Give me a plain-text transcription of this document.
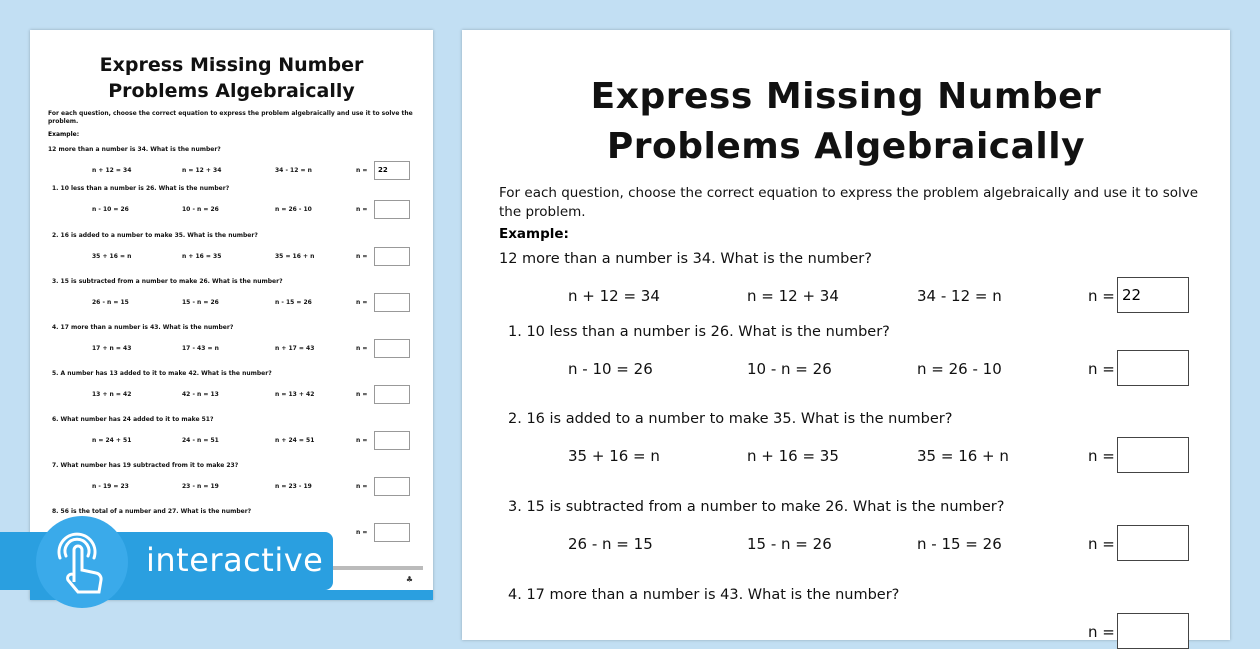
Express Missing Number
Problems Algebraically
For each question, choose the correct equation to express the problem algebraically and use it to solve the problem.
Example:
♣
12 more than a number is 34. What is the number?
n + 12 = 34	n = 12 + 34	34 - 12 = n	n =	22
1. 10 less than a number is 26. What is the number?
n - 10 = 26	10 - n = 26	n = 26 - 10	n =
2. 16 is added to a number to make 35. What is the number?
35 + 16 = n	n + 16 = 35	35 = 16 + n	n =
3. 15 is subtracted from a number to make 26. What is the number?
26 - n = 15	15 - n = 26	n - 15 = 26	n =
4. 17 more than a number is 43. What is the number?
17 + n = 43	17 - 43 = n	n + 17 = 43	n =
5. A number has 13 added to it to make 42. What is the number?
13 + n = 42	42 - n = 13	n = 13 + 42	n =
6. What number has 24 added to it to make 51?
n = 24 + 51	24 - n = 51	n + 24 = 51	n =
7. What number has 19 subtracted from it to make 23?
n - 19 = 23	23 - n = 19	n = 23 - 19	n =
8. 56 is the total of a number and 27. What is the number?
n =
Express Missing Number
Problems Algebraically
For each question, choose the correct equation to express the problem algebraically and use it to solve the problem.
Example:
12 more than a number is 34. What is the number?
n + 12 = 34	n = 12 + 34	34 - 12 = n	n = 22
1. 10 less than a number is 26. What is the number?
n - 10 = 26	10 - n = 26	n = 26 - 10	n =
2. 16 is added to a number to make 35. What is the number?
35 + 16 = n	n + 16 = 35	35 = 16 + n	n =
3. 15 is subtracted from a number to make 26. What is the number?
26 - n = 15	15 - n = 26	n - 15 = 26	n =
4. 17 more than a number is 43. What is the number?
n =
interactive
